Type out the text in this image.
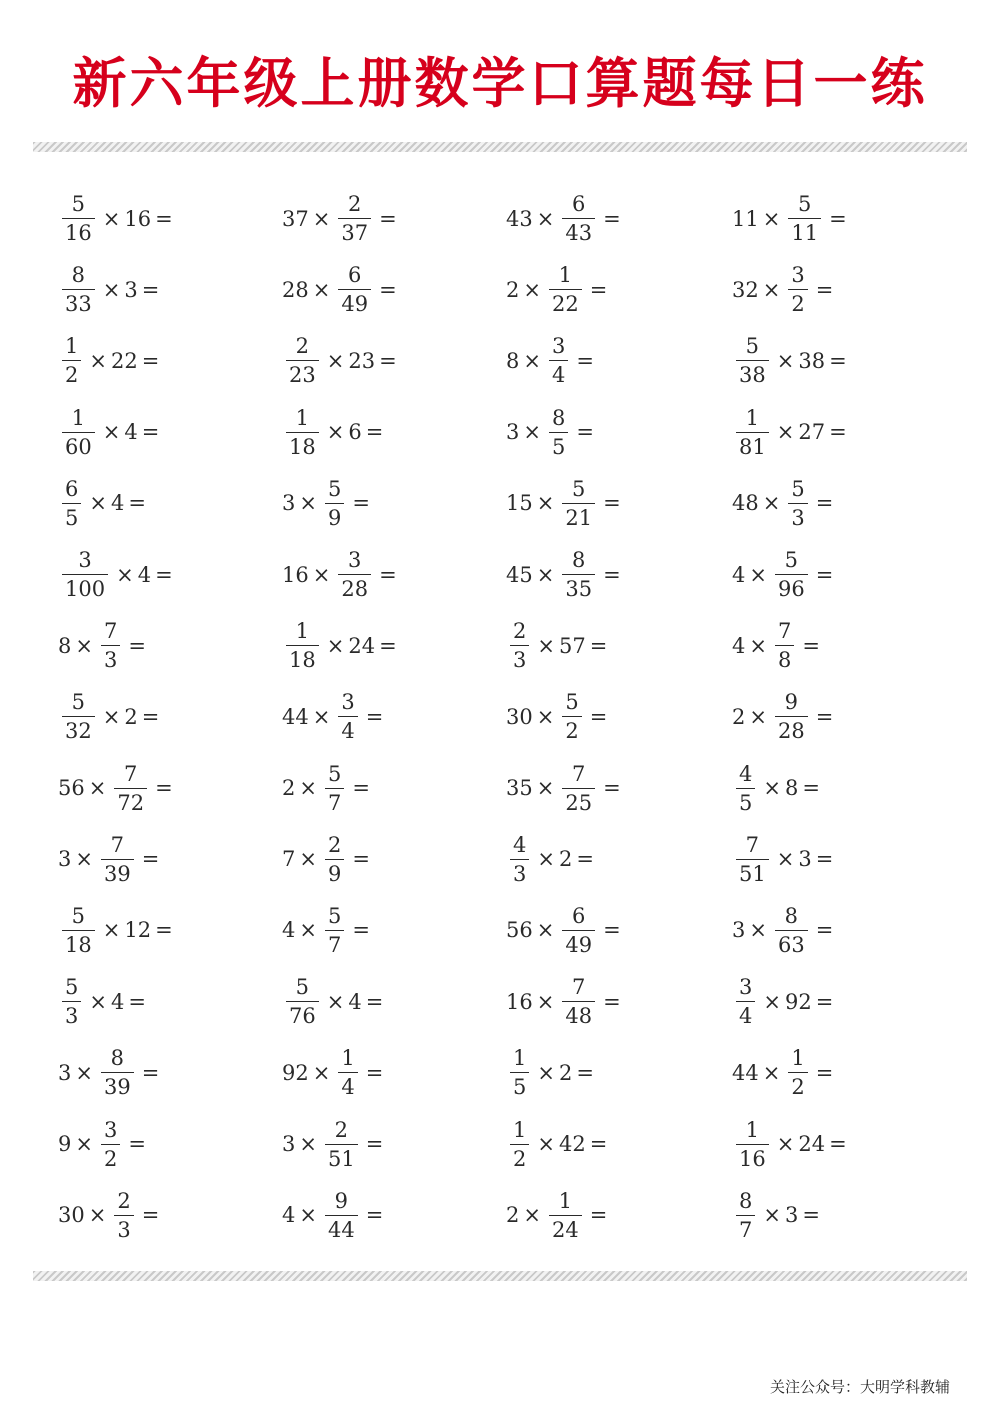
新六年级上册数学口算题每日一练
$\frac{5}{16} \times 16$ =	$37 \times \frac{2}{37}$ =	$43 \times \frac{6}{43}$ =	$11 \times \frac{5}{11}$ =
$\frac{8}{33} \times 3$ =	$28 \times \frac{6}{49}$ =	$2 \times \frac{1}{22}$ =	$32 \times \frac{3}{2}$ =
$\frac{1}{2} \times 22$ =	$\frac{2}{23} \times 23$ =	$8 \times \frac{3}{4}$ =	$\frac{5}{38} \times 38$ =
$\frac{1}{60} \times 4$ =	$\frac{1}{18} \times 6$ =	$3 \times \frac{8}{5}$ =	$\frac{1}{81} \times 27$ =
$\frac{6}{5} \times 4$ =	$3 \times \frac{5}{9}$ =	$15 \times \frac{5}{21}$ =	$48 \times \frac{5}{3}$ =
$\frac{3}{100} \times 4$ =	$16 \times \frac{3}{28}$ =	$45 \times \frac{8}{35}$ =	$4 \times \frac{5}{96}$ =
$8 \times \frac{7}{3}$ =	$\frac{1}{18} \times 24$ =	$\frac{2}{3} \times 57$ =	$4 \times \frac{7}{8}$ =
$\frac{5}{32} \times 2$ =	$44 \times \frac{3}{4}$ =	$30 \times \frac{5}{2}$ =	$2 \times \frac{9}{28}$ =
$56 \times \frac{7}{72}$ =	$2 \times \frac{5}{7}$ =	$35 \times \frac{7}{25}$ =	$\frac{4}{5} \times 8$ =
$3 \times \frac{7}{39}$ =	$7 \times \frac{2}{9}$ =	$\frac{4}{3} \times 2$ =	$\frac{7}{51} \times 3$ =
$\frac{5}{18} \times 12$ =	$4 \times \frac{5}{7}$ =	$56 \times \frac{6}{49}$ =	$3 \times \frac{8}{63}$ =
$\frac{5}{3} \times 4$ =	$\frac{5}{76} \times 4$ =	$16 \times \frac{7}{48}$ =	$\frac{3}{4} \times 92$ =
$3 \times \frac{8}{39}$ =	$92 \times \frac{1}{4}$ =	$\frac{1}{5} \times 2$ =	$44 \times \frac{1}{2}$ =
$9 \times \frac{3}{2}$ =	$3 \times \frac{2}{51}$ =	$\frac{1}{2} \times 42$ =	$\frac{1}{16} \times 24$ =
$30 \times \frac{2}{3}$ =	$4 \times \frac{9}{44}$ =	$2 \times \frac{1}{24}$ =	$\frac{8}{7} \times 3$ =
关注公众号：大明学科教辅
